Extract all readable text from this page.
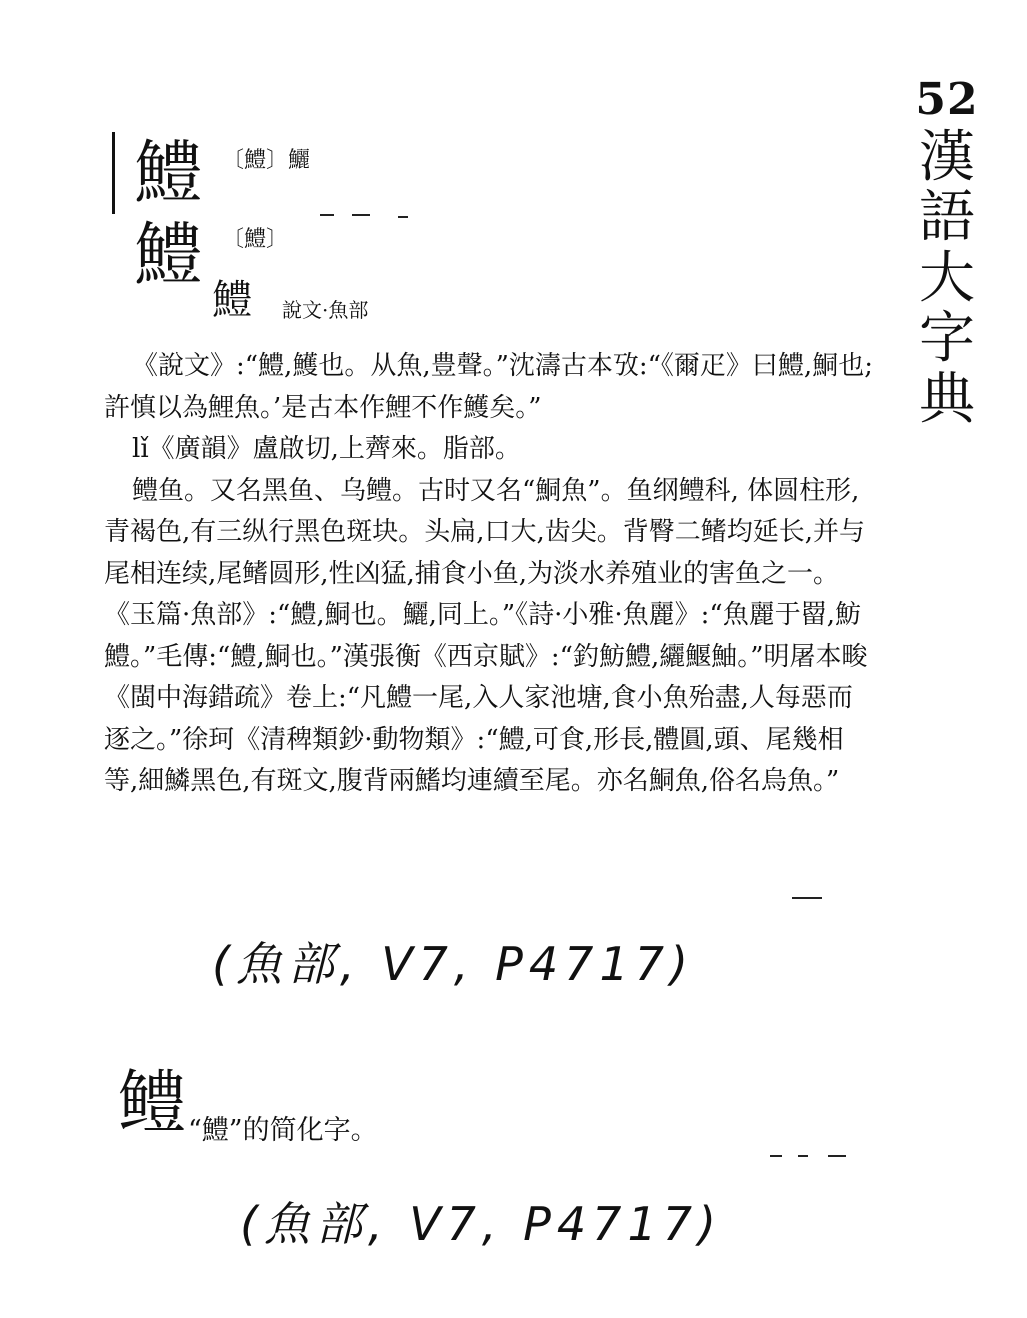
52
漢
語
大
字
典
鱧 〔鱧〕鱺
鱧 〔鱧〕
鱧 說文·魚部

《說文》:“鱧,鱯也。从魚,豊聲。”沈濤古本攷:“《爾疋》曰鱧,鮦也;許慎以為鯉魚。’是古本作鯉不作鱯矣。”

lǐ《廣韻》盧啟切,上薺來。脂部。

鳢鱼。又名黑鱼、乌鳢。古时又名“鮦魚”。鱼纲鳢科, 体圆柱形,青褐色,有三纵行黑色斑块。头扁,口大,齿尖。背臀二鳍均延长,并与尾相连续,尾鳍圆形,性凶猛,捕食小鱼,为淡水养殖业的害鱼之一。《玉篇·魚部》:“鱧,鮦也。鱺,同上。”《詩·小雅·魚麗》:“魚麗于罶,魴鱧。”毛傳:“鱧,鮦也。”漢張衡《西京賦》:“釣魴鱧,纚鰋鮋。”明屠本畯《閩中海錯疏》卷上:“凡鱧一尾,入人家池塘,食小魚殆盡,人每惡而逐之。”徐珂《清稗類鈔·動物類》:“鱧,可食,形長,體圓,頭、尾幾相等,細鱗黑色,有斑文,腹背兩鰭均連續至尾。亦名鮦魚,俗名烏魚。”

(魚部, V7, P4717)
鳢 “鱧”的简化字。
(魚部, V7, P4717)
